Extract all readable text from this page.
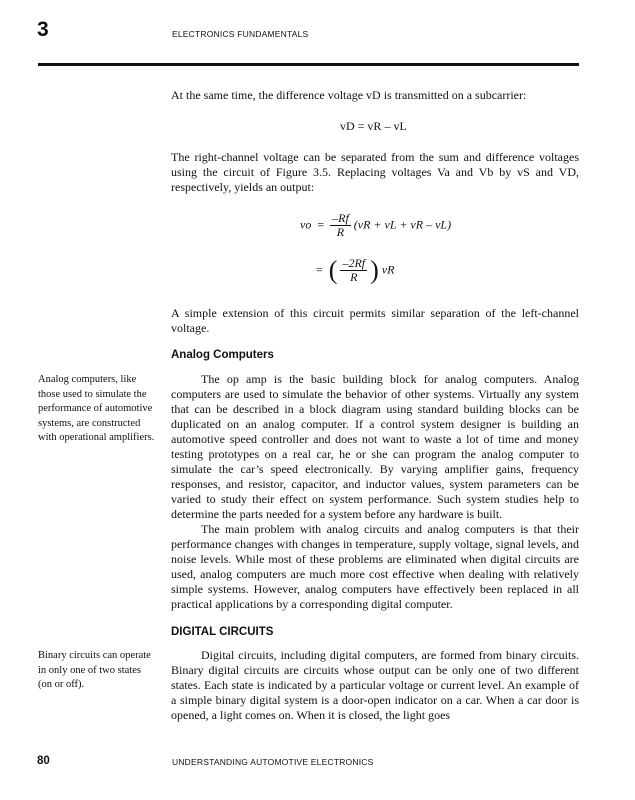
3	ELECTRONICS FUNDAMENTALS

At the same time, the difference voltage vD is transmitted on a subcarrier:

vD = vR – vL

The right-channel voltage can be separated from the sum and difference voltages using the circuit of Figure 3.5. Replacing voltages Va and Vb by vS and VD, respectively, yields an output:

vo  = $\frac{-Rf}{R} (vR$ + vL + vR – vL)
=  ( $\frac{-2Rf}{R}$ ) vR

A simple extension of this circuit permits similar separation of the left-channel voltage.

Analog Computers
Analog computers, like those used to simulate the performance of automotive systems, are constructed with operational amplifiers.

The op amp is the basic building block for analog computers. Analog computers are used to simulate the behavior of other systems. Virtually any system that can be described in a block diagram using standard building blocks can be duplicated on an analog computer. If a control system designer is building an automotive speed controller and does not want to waste a lot of time and money testing prototypes on a real car, he or she can program the analog computer to simulate the car’s speed electronically. By varying amplifier gains, frequency responses, and resistor, capacitor, and inductor values, system parameters can be varied to study their effect on system performance. Such system studies help to determine the parts needed for a system before any hardware is built.

The main problem with analog circuits and analog computers is that their performance changes with changes in temperature, supply voltage, signal levels, and noise levels. While most of these problems are eliminated when digital circuits are used, analog computers are much more cost effective when dealing with relatively simple systems. However, analog computers have effectively been replaced in all practical applications by a corresponding digital computer.

DIGITAL CIRCUITS
Binary circuits can operate in only one of two states (on or off).

Digital circuits, including digital computers, are formed from binary circuits. Binary digital circuits are circuits whose output can be only one of two different states. Each state is indicated by a particular voltage or current level. An example of a simple binary digital system is a door-open indicator on a car. When a car door is opened, a light comes on. When it is closed, the light goes

80	UNDERSTANDING AUTOMOTIVE ELECTRONICS
